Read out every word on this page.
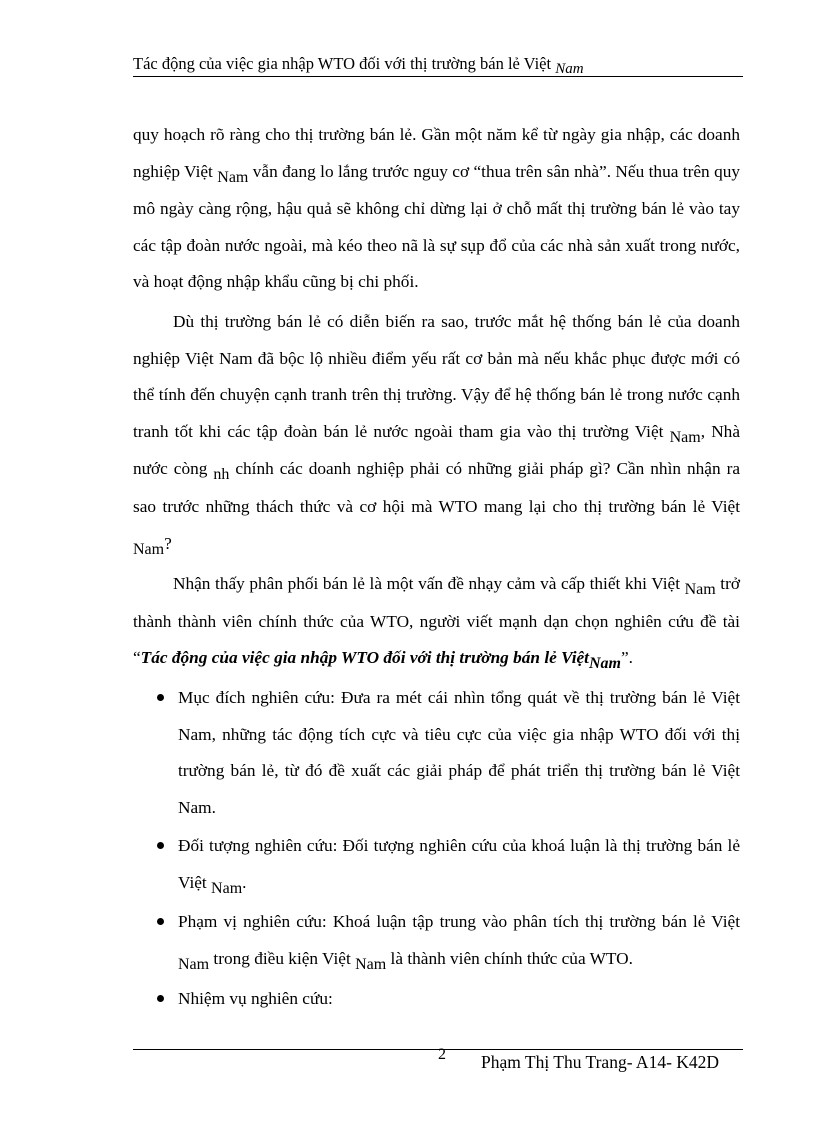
Tác động của việc gia nhập WTO đối với thị trường bán lẻ Việt Nam

quy hoạch rõ ràng cho thị trường bán lẻ. Gần một năm kể từ ngày gia nhập, các doanh nghiệp Việt Nam vẫn đang lo lắng trước nguy cơ “thua trên sân nhà”. Nếu thua trên quy mô ngày càng rộng, hậu quả sẽ không chỉ dừng lại ở chỗ mất thị trường bán lẻ vào tay các tập đoàn nước ngoài, mà kéo theo nã là sự sụp đổ của các nhà sản xuất trong nước, và hoạt động nhập khẩu cũng bị chi phối.

Dù thị trường bán lẻ có diễn biến ra sao, trước mắt hệ thống bán lẻ của doanh nghiệp Việt Nam đã bộc lộ nhiều điểm yếu rất cơ bản mà nếu khắc phục được mới có thể tính đến chuyện cạnh tranh trên thị trường. Vậy để hệ thống bán lẻ trong nước cạnh tranh tốt khi các tập đoàn bán lẻ nước ngoài tham gia vào thị trường Việt Nam, Nhà nước còng nh chính các doanh nghiệp phải có những giải pháp gì? Cần nhìn nhận ra sao trước những thách thức và cơ hội mà WTO mang lại cho thị trường bán lẻ Việt Nam?

Nhận thấy phân phối bán lẻ là một vấn đề nhạy cảm và cấp thiết khi Việt Nam trở thành thành viên chính thức của WTO, người viết mạnh dạn chọn nghiên cứu đề tài “Tác động của việc gia nhập WTO đối với thị trường bán lẻ ViệtNam”.

Mục đích nghiên cứu: Đưa ra mét cái nhìn tổng quát về thị trường bán lẻ Việt Nam, những tác động tích cực và tiêu cực của việc gia nhập WTO đối với thị trường bán lẻ, từ đó đề xuất các giải pháp để phát triển thị trường bán lẻ Việt Nam.
Đối tượng nghiên cứu: Đối tượng nghiên cứu của khoá luận là thị trường bán lẻ Việt Nam.
Phạm vị nghiên cứu: Khoá luận tập trung vào phân tích thị trường bán lẻ Việt Nam trong điều kiện Việt Nam là thành viên chính thức của WTO.
Nhiệm vụ nghiên cứu:
2 Phạm Thị Thu Trang- A14- K42D
